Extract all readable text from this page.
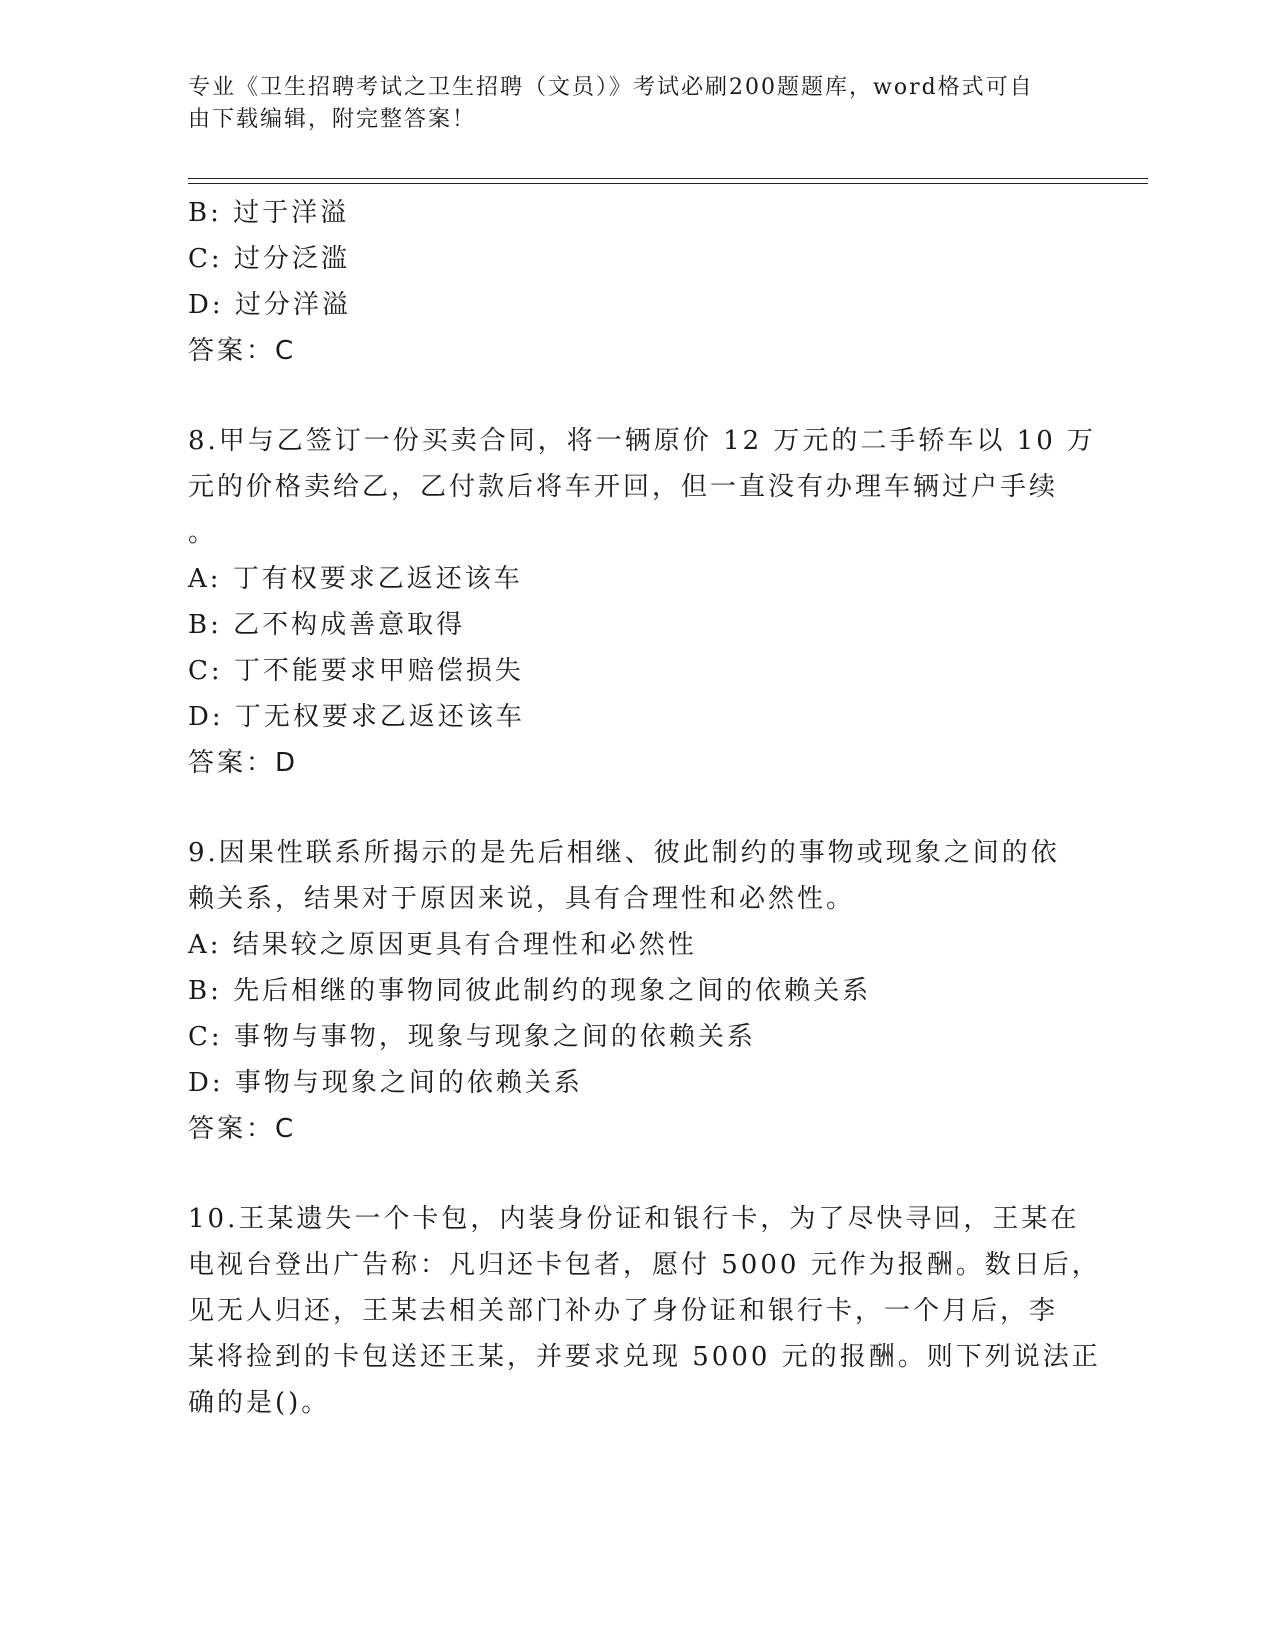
专业《卫生招聘考试之卫生招聘（文员）》考试必刷200题题库，word格式可自
由下载编辑，附完整答案！
B: 过于洋溢
C: 过分泛滥
D: 过分洋溢
答案：C
8.甲与乙签订一份买卖合同，将一辆原价 12 万元的二手轿车以 10 万
元的价格卖给乙，乙付款后将车开回，但一直没有办理车辆过户手续
。
A: 丁有权要求乙返还该车
B: 乙不构成善意取得
C: 丁不能要求甲赔偿损失
D: 丁无权要求乙返还该车
答案：D
9.因果性联系所揭示的是先后相继、彼此制约的事物或现象之间的依
赖关系，结果对于原因来说，具有合理性和必然性。
A: 结果较之原因更具有合理性和必然性
B: 先后相继的事物同彼此制约的现象之间的依赖关系
C: 事物与事物，现象与现象之间的依赖关系
D: 事物与现象之间的依赖关系
答案：C
10.王某遗失一个卡包，内装身份证和银行卡，为了尽快寻回，王某在
电视台登出广告称：凡归还卡包者，愿付 5000 元作为报酬。数日后，
见无人归还，王某去相关部门补办了身份证和银行卡，一个月后，李
某将捡到的卡包送还王某，并要求兑现 5000 元的报酬。则下列说法正
确的是()。
